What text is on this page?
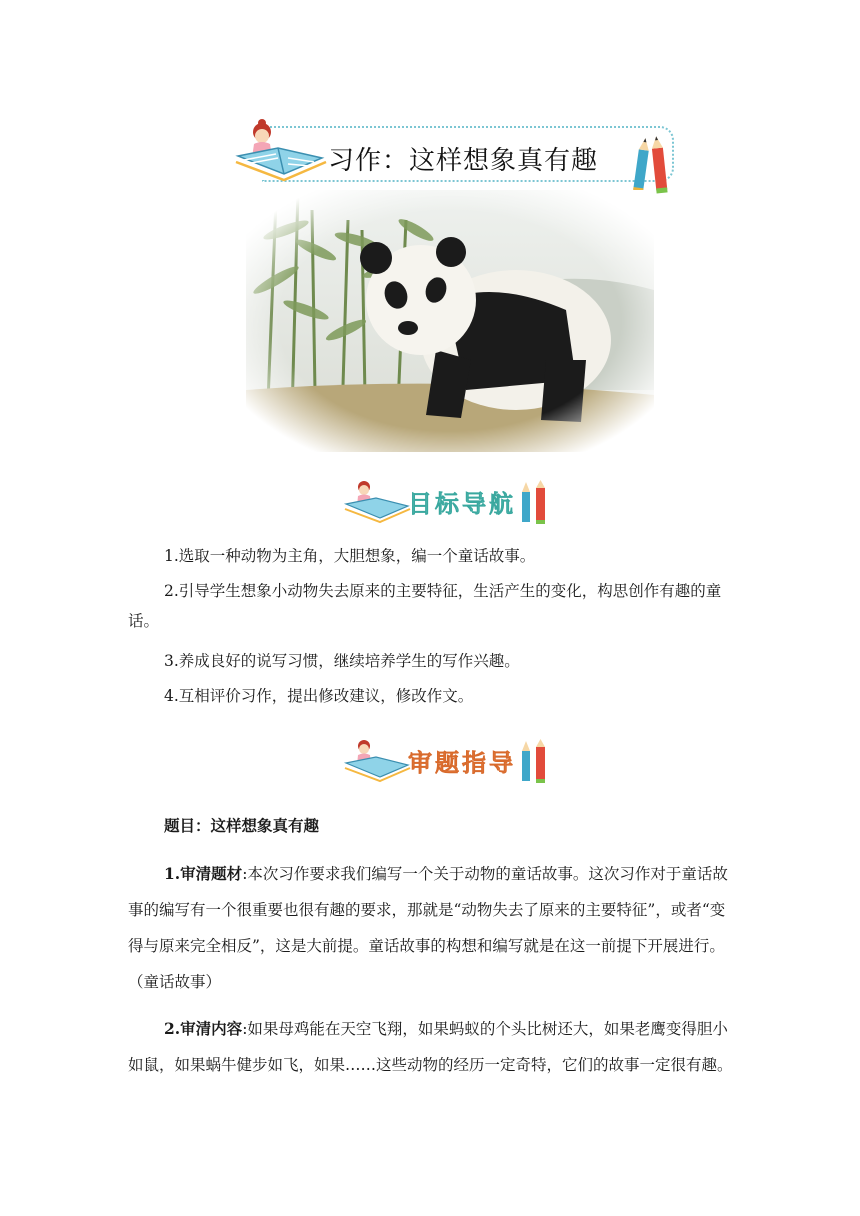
习作：这样想象真有趣
目标导航
1.选取一种动物为主角，大胆想象，编一个童话故事。
2.引导学生想象小动物失去原来的主要特征，生活产生的变化，构思创作有趣的童话。
3.养成良好的说写习惯，继续培养学生的写作兴趣。
4.互相评价习作，提出修改建议，修改作文。
审题指导
题目：这样想象真有趣
1.审清题材:本次习作要求我们编写一个关于动物的童话故事。这次习作对于童话故事的编写有一个很重要也很有趣的要求，那就是“动物失去了原来的主要特征”，或者“变得与原来完全相反”，这是大前提。童话故事的构想和编写就是在这一前提下开展进行。（童话故事）
2.审清内容:如果母鸡能在天空飞翔，如果蚂蚁的个头比树还大，如果老鹰变得胆小如鼠，如果蜗牛健步如飞，如果……这些动物的经历一定奇特，它们的故事一定很有趣。
